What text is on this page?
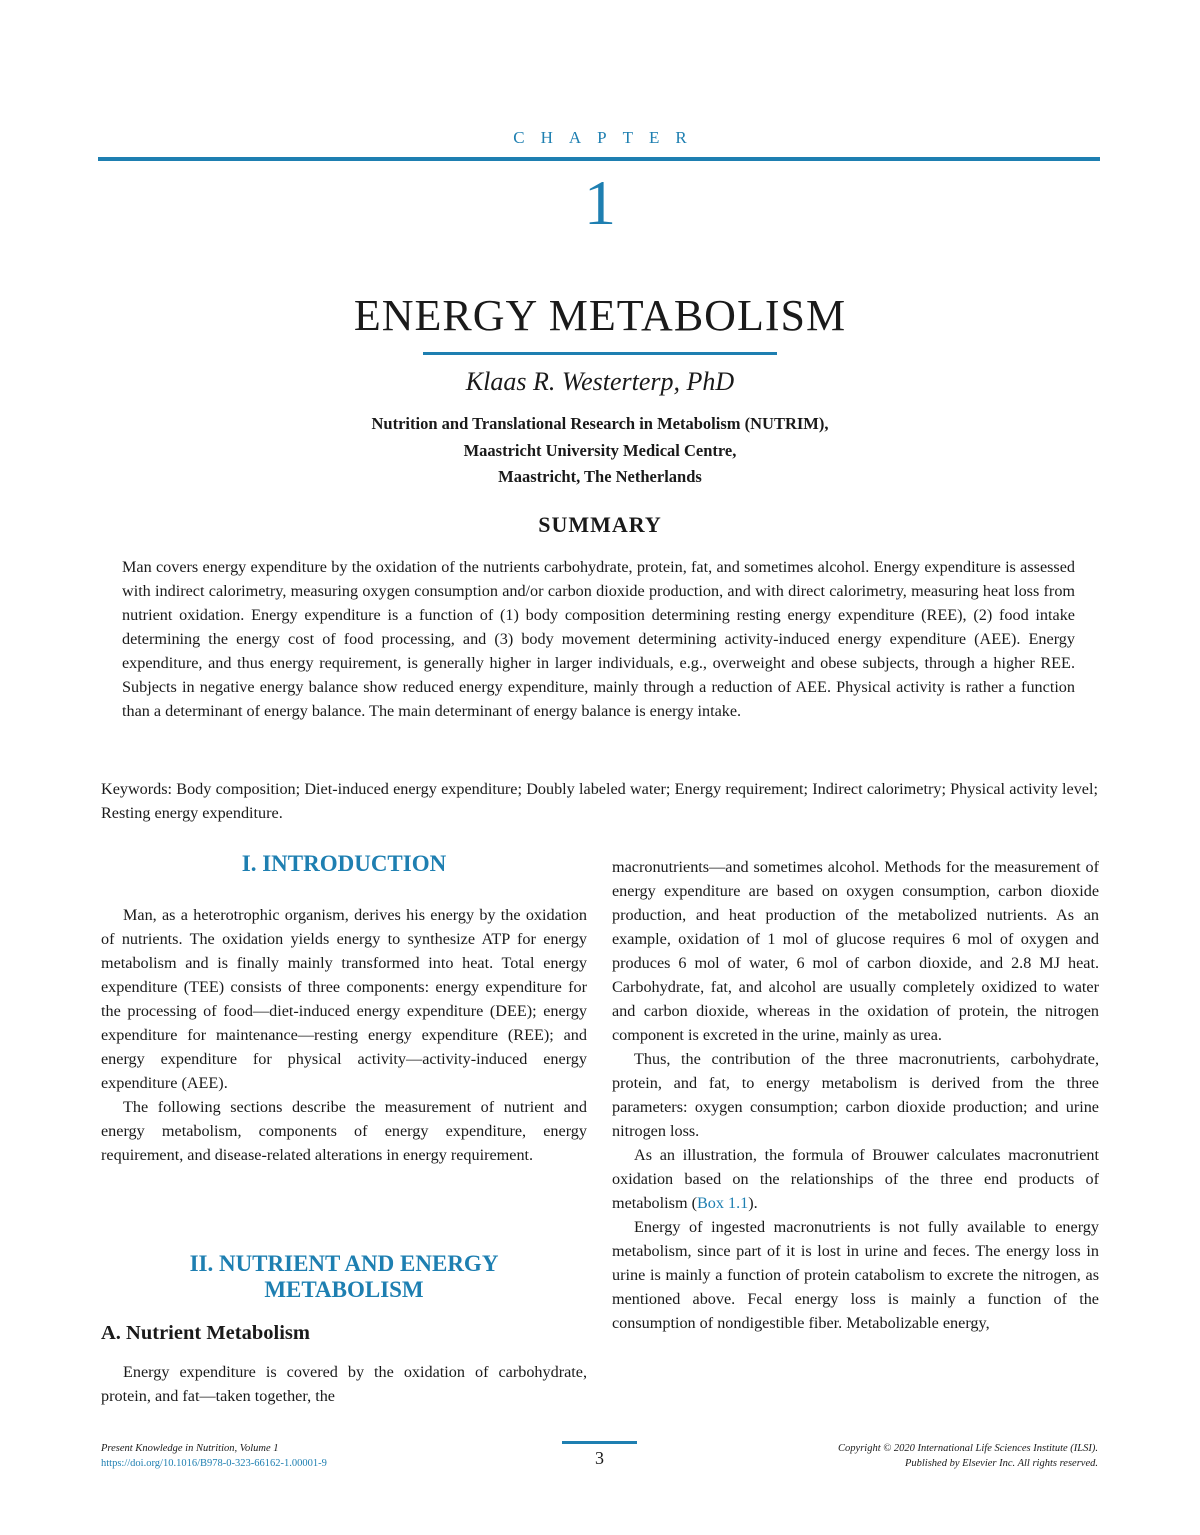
CHAPTER
1
ENERGY METABOLISM
Klaas R. Westerterp, PhD
Nutrition and Translational Research in Metabolism (NUTRIM),
Maastricht University Medical Centre,
Maastricht, The Netherlands
SUMMARY
Man covers energy expenditure by the oxidation of the nutrients carbohydrate, protein, fat, and sometimes alcohol. Energy expenditure is assessed with indirect calorimetry, measuring oxygen consumption and/or carbon dioxide production, and with direct calorimetry, measuring heat loss from nutrient oxidation. Energy expenditure is a function of (1) body composition determining resting energy expenditure (REE), (2) food intake determining the energy cost of food processing, and (3) body movement determining activity-induced energy expenditure (AEE). Energy expenditure, and thus energy requirement, is generally higher in larger individuals, e.g., overweight and obese subjects, through a higher REE. Subjects in negative energy balance show reduced energy expenditure, mainly through a reduction of AEE. Physical activity is rather a function than a determinant of energy balance. The main determinant of energy balance is energy intake.
Keywords: Body composition; Diet-induced energy expenditure; Doubly labeled water; Energy requirement; Indirect calorimetry; Physical activity level; Resting energy expenditure.
I. INTRODUCTION

Man, as a heterotrophic organism, derives his energy by the oxidation of nutrients. The oxidation yields energy to synthesize ATP for energy metabolism and is finally mainly transformed into heat. Total energy expenditure (TEE) consists of three components: energy expenditure for the processing of food—diet-induced energy expenditure (DEE); energy expenditure for maintenance—resting energy expenditure (REE); and energy expenditure for physical activity—activity-induced energy expenditure (AEE).

The following sections describe the measurement of nutrient and energy metabolism, components of energy expenditure, energy requirement, and disease-related alterations in energy requirement.

II. NUTRIENT AND ENERGY
METABOLISM
A. Nutrient Metabolism

Energy expenditure is covered by the oxidation of carbohydrate, protein, and fat—taken together, the

macronutrients—and sometimes alcohol. Methods for the measurement of energy expenditure are based on oxygen consumption, carbon dioxide production, and heat production of the metabolized nutrients. As an example, oxidation of 1 mol of glucose requires 6 mol of oxygen and produces 6 mol of water, 6 mol of carbon dioxide, and 2.8 MJ heat. Carbohydrate, fat, and alcohol are usually completely oxidized to water and carbon dioxide, whereas in the oxidation of protein, the nitrogen component is excreted in the urine, mainly as urea.

Thus, the contribution of the three macronutrients, carbohydrate, protein, and fat, to energy metabolism is derived from the three parameters: oxygen consumption; carbon dioxide production; and urine nitrogen loss.

As an illustration, the formula of Brouwer calculates macronutrient oxidation based on the relationships of the three end products of metabolism (Box 1.1).

Energy of ingested macronutrients is not fully available to energy metabolism, since part of it is lost in urine and feces. The energy loss in urine is mainly a function of protein catabolism to excrete the nitrogen, as mentioned above. Fecal energy loss is mainly a function of the consumption of nondigestible fiber. Metabolizable energy,

Present Knowledge in Nutrition, Volume 1
https://doi.org/10.1016/B978-0-323-66162-1.00001-9	3	Copyright © 2020 International Life Sciences Institute (ILSI).
Published by Elsevier Inc. All rights reserved.
